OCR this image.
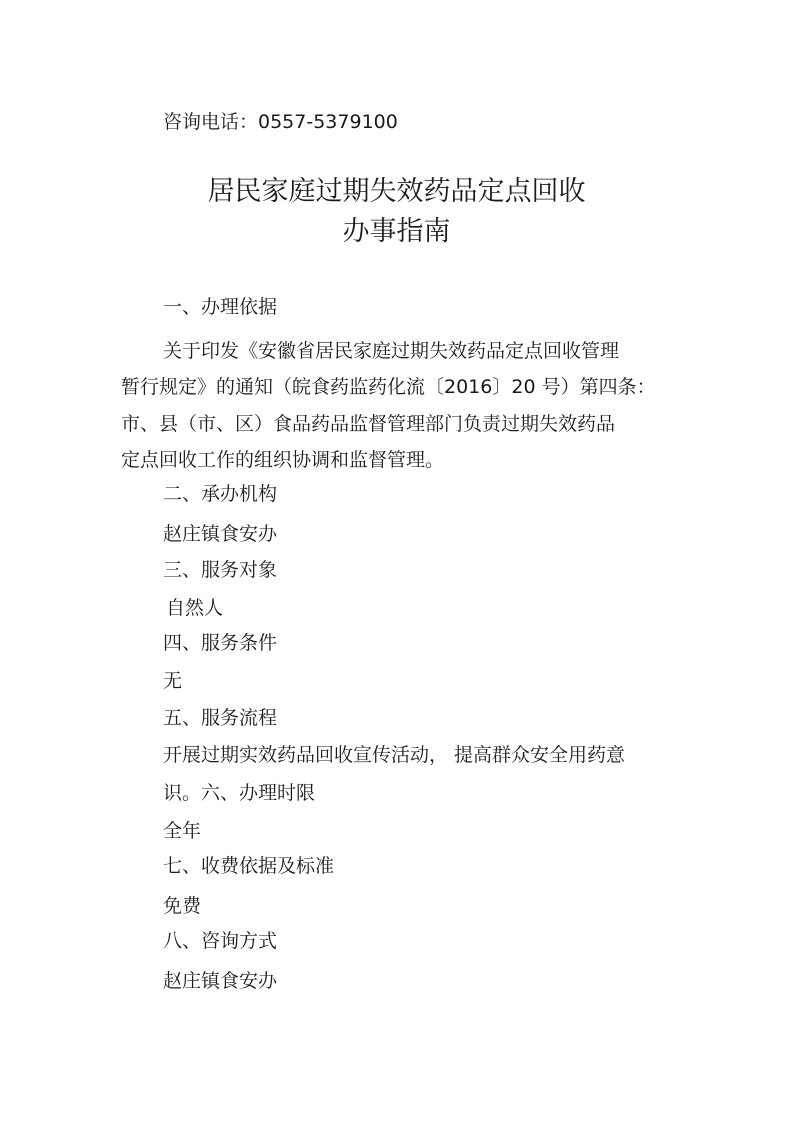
咨询电话：0557-5379100
居民家庭过期失效药品定点回收
办事指南
一、办理依据
关于印发《安徽省居民家庭过期失效药品定点回收管理
暂行规定》的通知（皖食药监药化流〔2016〕20 号）第四条：
市、县（市、区）食品药品监督管理部门负责过期失效药品
定点回收工作的组织协调和监督管理。
二、承办机构
赵庄镇食安办
三、服务对象
自然人
四、服务条件
无
五、服务流程
开展过期实效药品回收宣传活动， 提高群众安全用药意
识。六、办理时限
全年
七、收费依据及标准
免费
八、咨询方式
赵庄镇食安办
